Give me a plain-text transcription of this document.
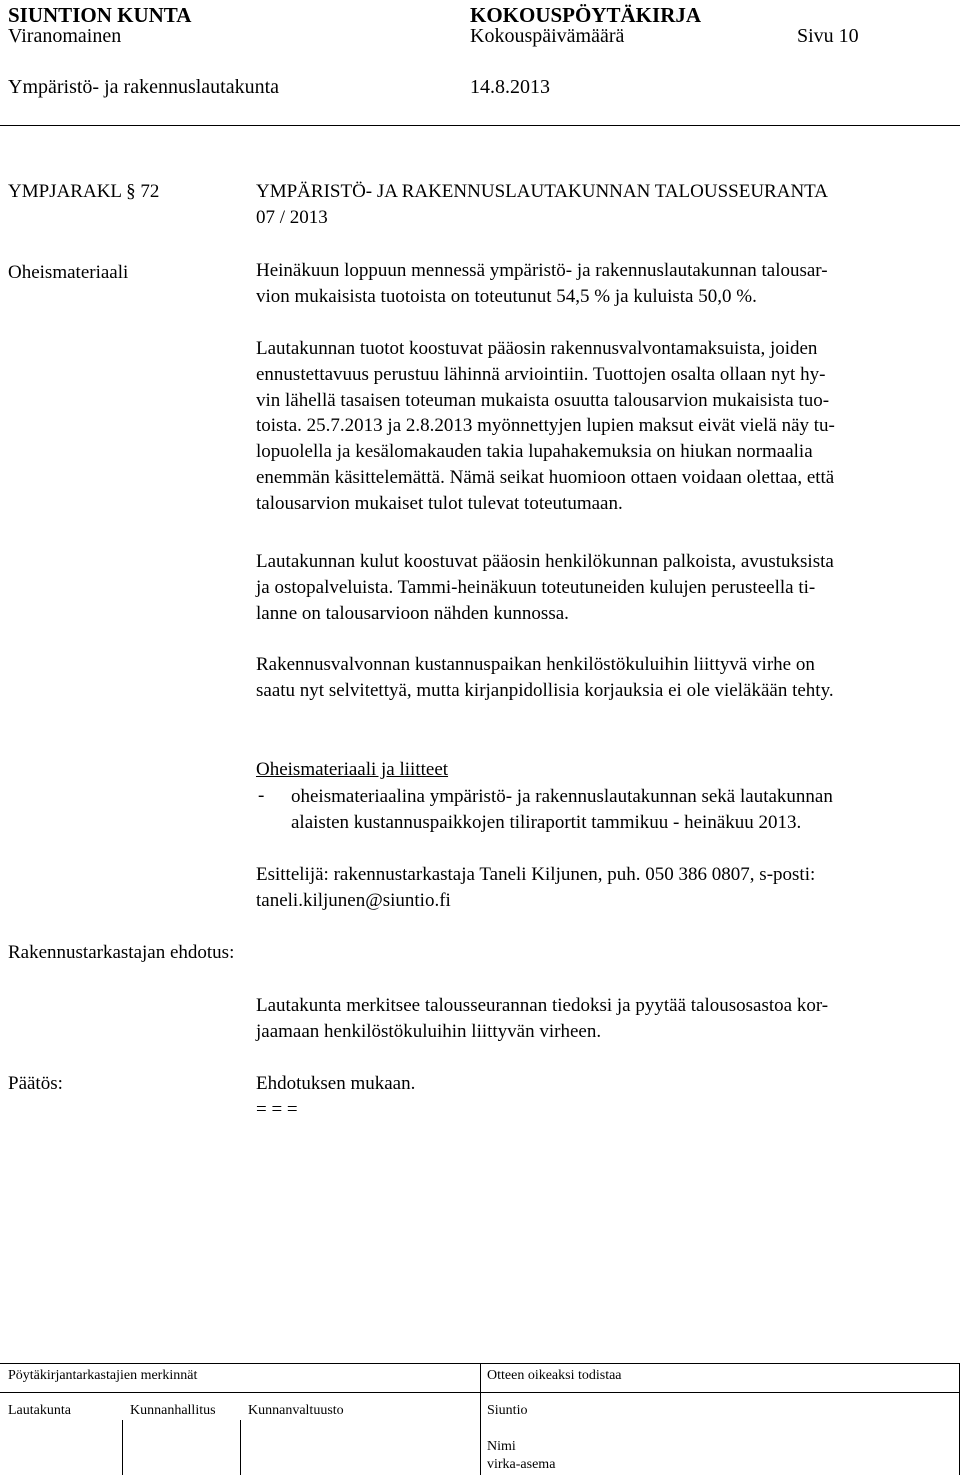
SIUNTION KUNTA	KOKOUSPÖYTÄKIRJA
Viranomainen	Kokouspäivämäärä	Sivu 10
Ympäristö- ja rakennuslautakunta	14.8.2013
YMPJARAKL § 72	YMPÄRISTÖ- JA RAKENNUSLAUTAKUNNAN TALOUSSEURANTA
07 / 2013
Oheismateriaali	Heinäkuun loppuun mennessä ympäristö- ja rakennuslautakunnan talousar-
vion mukaisista tuotoista on toteutunut 54,5 % ja kuluista 50,0 %.
Lautakunnan tuotot koostuvat pääosin rakennusvalvontamaksuista, joiden
ennustettavuus perustuu lähinnä arviointiin. Tuottojen osalta ollaan nyt hy-
vin lähellä tasaisen toteuman mukaista osuutta talousarvion mukaisista tuo-
toista. 25.7.2013 ja 2.8.2013 myönnettyjen lupien maksut eivät vielä näy tu-
lopuolella ja kesälomakauden takia lupahakemuksia on hiukan normaalia
enemmän käsittelemättä. Nämä seikat huomioon ottaen voidaan olettaa, että
talousarvion mukaiset tulot tulevat toteutumaan.
Lautakunnan kulut koostuvat pääosin henkilökunnan palkoista, avustuksista
ja ostopalveluista. Tammi-heinäkuun toteutuneiden kulujen perusteella ti-
lanne on talousarvioon nähden kunnossa.
Rakennusvalvonnan kustannuspaikan henkilöstökuluihin liittyvä virhe on
saatu nyt selvitettyä, mutta kirjanpidollisia korjauksia ei ole vieläkään tehty.
Oheismateriaali ja liitteet
- oheismateriaalina ympäristö- ja rakennuslautakunnan sekä lautakunnan
alaisten kustannuspaikkojen tiliraportit tammikuu - heinäkuu 2013.
Esittelijä: rakennustarkastaja Taneli Kiljunen, puh. 050 386 0807, s-posti:
taneli.kiljunen@siuntio.fi
Rakennustarkastajan ehdotus:
Lautakunta merkitsee talousseurannan tiedoksi ja pyytää talousosastoa kor-
jaamaan henkilöstökuluihin liittyvän virheen.
Päätös:	Ehdotuksen mukaan.
= = =
Pöytäkirjantarkastajien merkinnät	Otteen oikeaksi todistaa
Lautakunta	Kunnanhallitus Kunnanvaltuusto	Siuntio
Nimi
virka-asema
